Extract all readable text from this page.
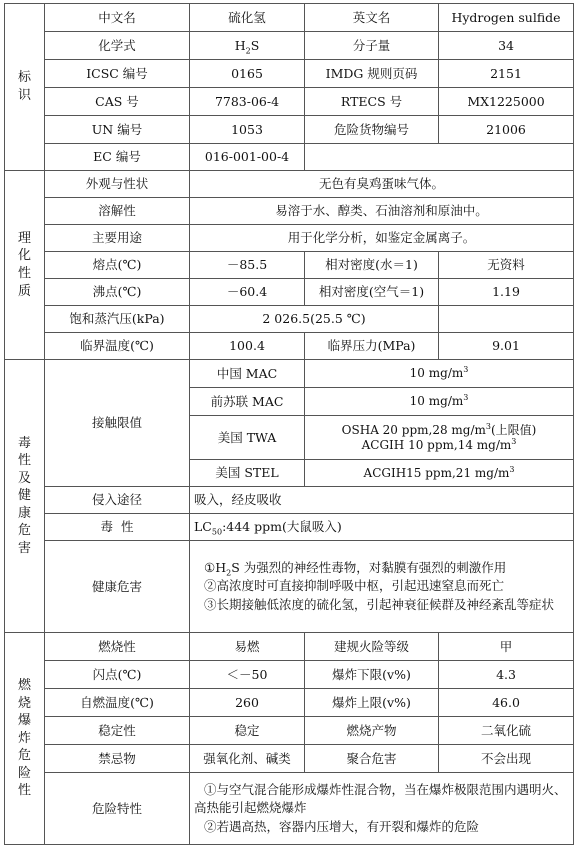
标识	中文名	硫化氢	英文名	Hydrogen sulfide
	化学式	$H_2S$	分子量	34
	ICSC 编号	0165	IMDG 规则页码	2151
	CAS 号	7783-06-4	RTECS 号	MX1225000
	UN 编号	1053	危险货物编号	21006
	EC 编号	016-001-00-4		

理化性质	外观与性状	无色有臭鸡蛋味气体。		
	溶解性	易溶于水、醇类、石油溶剂和原油中。		
	主要用途	用于化学分析，如鉴定金属离子。		
	熔点(℃)	－85.5	相对密度(水＝1)	无资料
	沸点(℃)	－60.4	相对密度(空气＝1)	1.19
	饱和蒸汽压(kPa)	2 026.5(25.5 ℃)		
	临界温度(℃)	100.4	临界压力(MPa)	9.01

毒性及健康危害	接触限值	中国 MAC	10 $mg/m^3$
		前苏联 MAC	10 $mg/m^3$
		美国 TWA	OSHA 20 ppm,28 $mg/m^3$(上限值)
ACGIH 10 ppm,14 $mg/m^3$

		美国 STEL	ACGIH15 ppm,21 $mg/m^3$
	侵入途径	吸入，经皮吸收		
	毒  性	$LC_{50}:444$ ppm(大鼠吸入)		
	健康危害	$①H_2S$ 为强烈的神经性毒物，对黏膜有强烈的刺激作用
②高浓度时可直接抑制呼吸中枢，引起迅速窒息而死亡
③长期接触低浓度的硫化氢，引起神衰征候群及神经紊乱等症状		

燃烧爆炸危险性	燃烧性	易燃	建规火险等级	甲
	闪点(℃)	＜－50	爆炸下限(v%)	4.3
	自燃温度(℃)	260	爆炸上限(v%)	46.0
	稳定性	稳定	燃烧产物	二氧化硫
	禁忌物	强氧化剂、碱类	聚合危害	不会出现
	危险特性	①与空气混合能形成爆炸性混合物，当在爆炸极限范围内遇明火、高热能引起燃烧爆炸
②若遇高热，容器内压增大，有开裂和爆炸的危险		
